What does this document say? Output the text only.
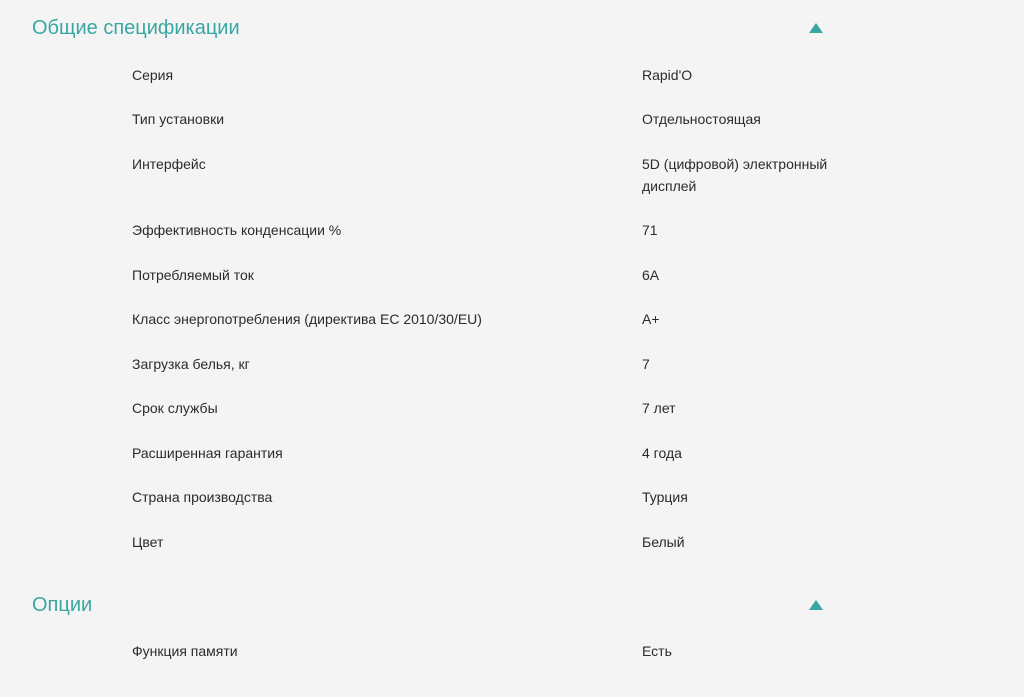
Общие спецификации
Серия	Rapid'O
Тип установки	Отдельностоящая
Интерфейс	5D (цифровой) электронный дисплей
Эффективность конденсации %	71
Потребляемый ток	6A
Класс энергопотребления (директива ЕС 2010/30/EU)	A+
Загрузка белья, кг	7
Срок службы	7 лет
Расширенная гарантия	4 года
Страна производства	Турция
Цвет	Белый
Опции
Функция памяти	Есть
